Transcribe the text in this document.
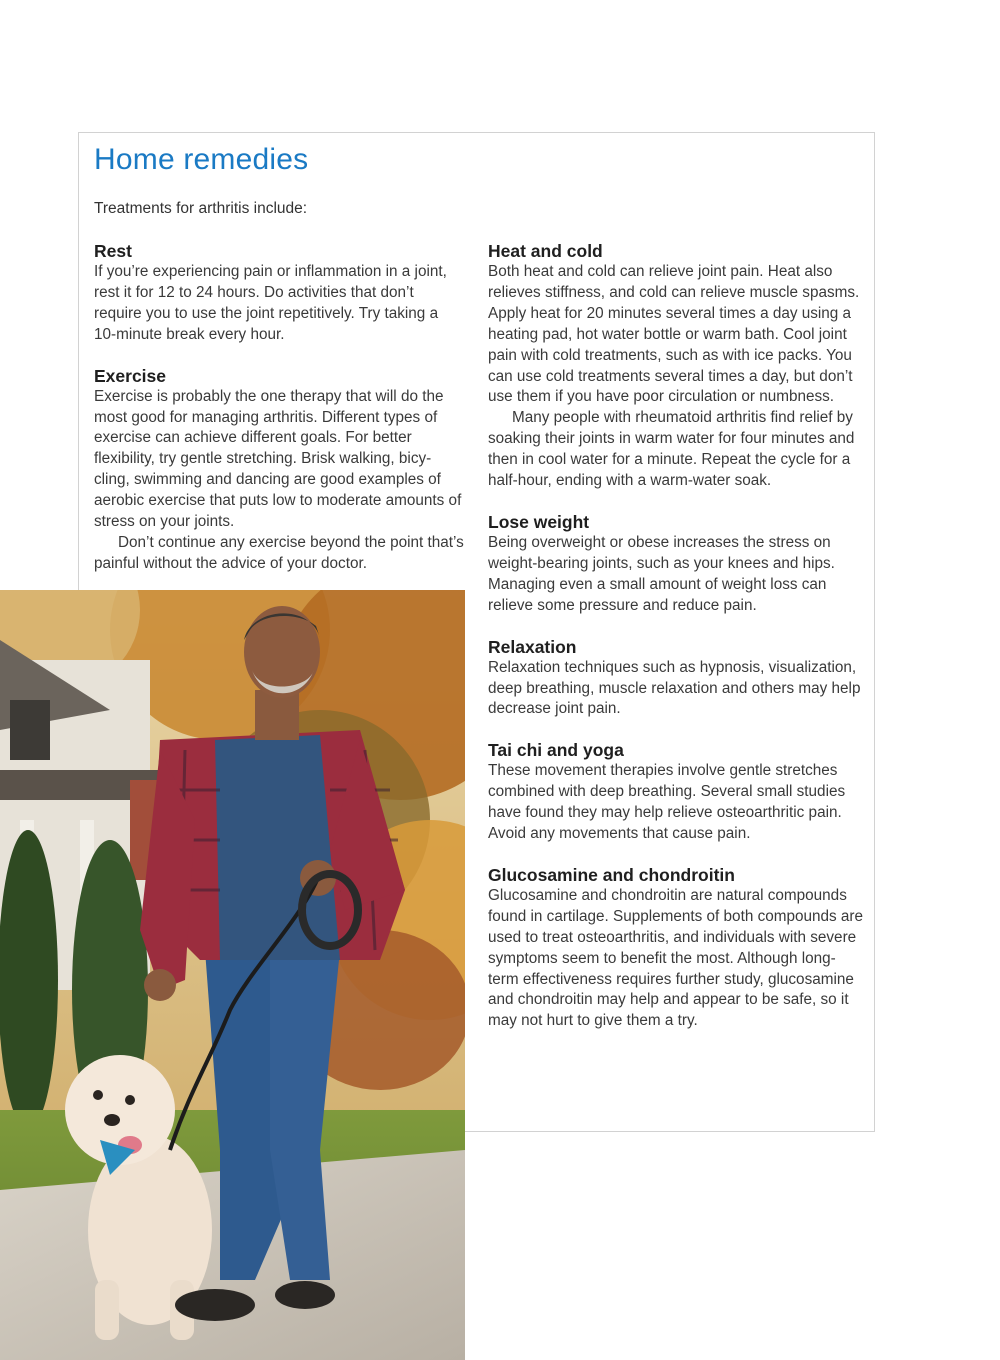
Home remedies

Treatments for arthritis include:

Rest

If you’re experiencing pain or inflammation in a joint, rest it for 12 to 24 hours. Do activities that don’t require you to use the joint repetitively. Try taking a 10-minute break every hour.

Exercise

Exercise is probably the one therapy that will do the most good for managing arthritis. Different types of exercise can achieve different goals. For better flexibility, try gentle stretching. Brisk walking, bicy-cling, swimming and dancing are good examples of aerobic exercise that puts low to moderate amounts of stress on your joints.

Don’t continue any exercise beyond the point that’s painful without the advice of your doctor.

Heat and cold

Both heat and cold can relieve joint pain. Heat also relieves stiffness, and cold can relieve muscle spasms. Apply heat for 20 minutes several times a day using a heating pad, hot water bottle or warm bath. Cool joint pain with cold treatments, such as with ice packs. You can use cold treatments several times a day, but don’t use them if you have poor circulation or numbness.

Many people with rheumatoid arthritis find relief by soaking their joints in warm water for four minutes and then in cool water for a minute. Repeat the cycle for a half-hour, ending with a warm-water soak.

Lose weight

Being overweight or obese increases the stress on weight-bearing joints, such as your knees and hips. Managing even a small amount of weight loss can relieve some pressure and reduce pain.

Relaxation

Relaxation techniques such as hypnosis, visualization, deep breathing, muscle relaxation and others may help decrease joint pain.

Tai chi and yoga

These movement therapies involve gentle stretches combined with deep breathing. Several small studies have found they may help relieve osteoarthritic pain. Avoid any movements that cause pain.

Glucosamine and chondroitin

Glucosamine and chondroitin are natural compounds found in cartilage. Supplements of both compounds are used to treat osteoarthritis, and individuals with severe symptoms seem to benefit the most. Although long-term effectiveness requires further study, glucosamine and chondroitin may help and appear to be safe, so it may not hurt to give them a try.
